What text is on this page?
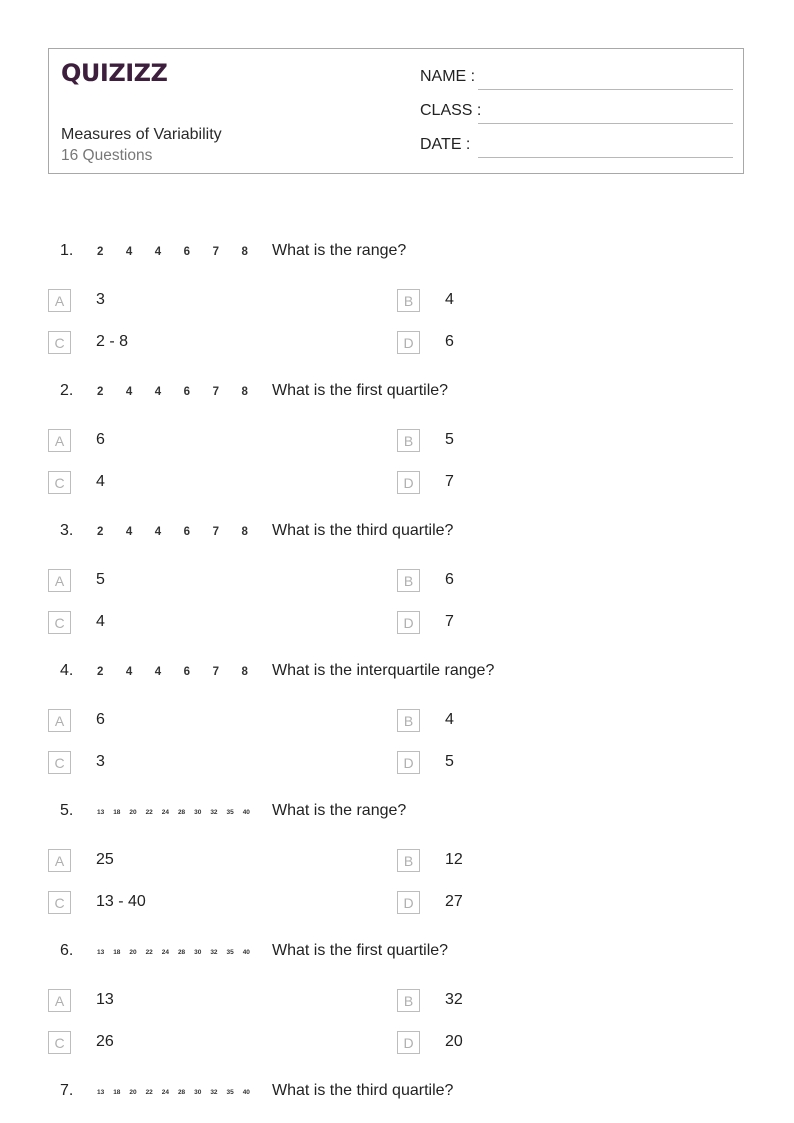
QUIZIZZ
Measures of Variability
16 Questions
NAME :
CLASS :
DATE :
1. 2	4	4	6	7	8	What is the range?
A	3	B	4
C	2 - 8	D	6
2. 2	4	4	6	7	8	What is the first quartile?
A	6	B	5
C	4	D	7
3. 2	4	4	6	7	8	What is the third quartile?
A	5	B	6
C	4	D	7
4. 2	4	4	6	7	8	What is the interquartile range?
A	6	B	4
C	3	D	5
5.	13	18	20	22	24	28	30	32	35	40	What is the range?
A	25	B	12
C	13 - 40	D	27
6.	13	18	20	22	24	28	30	32	35	40	What is the first quartile?
A	13	B	32
C	26	D	20
7.	13	18	20	22	24	28	30	32	35	40	What is the third quartile?
